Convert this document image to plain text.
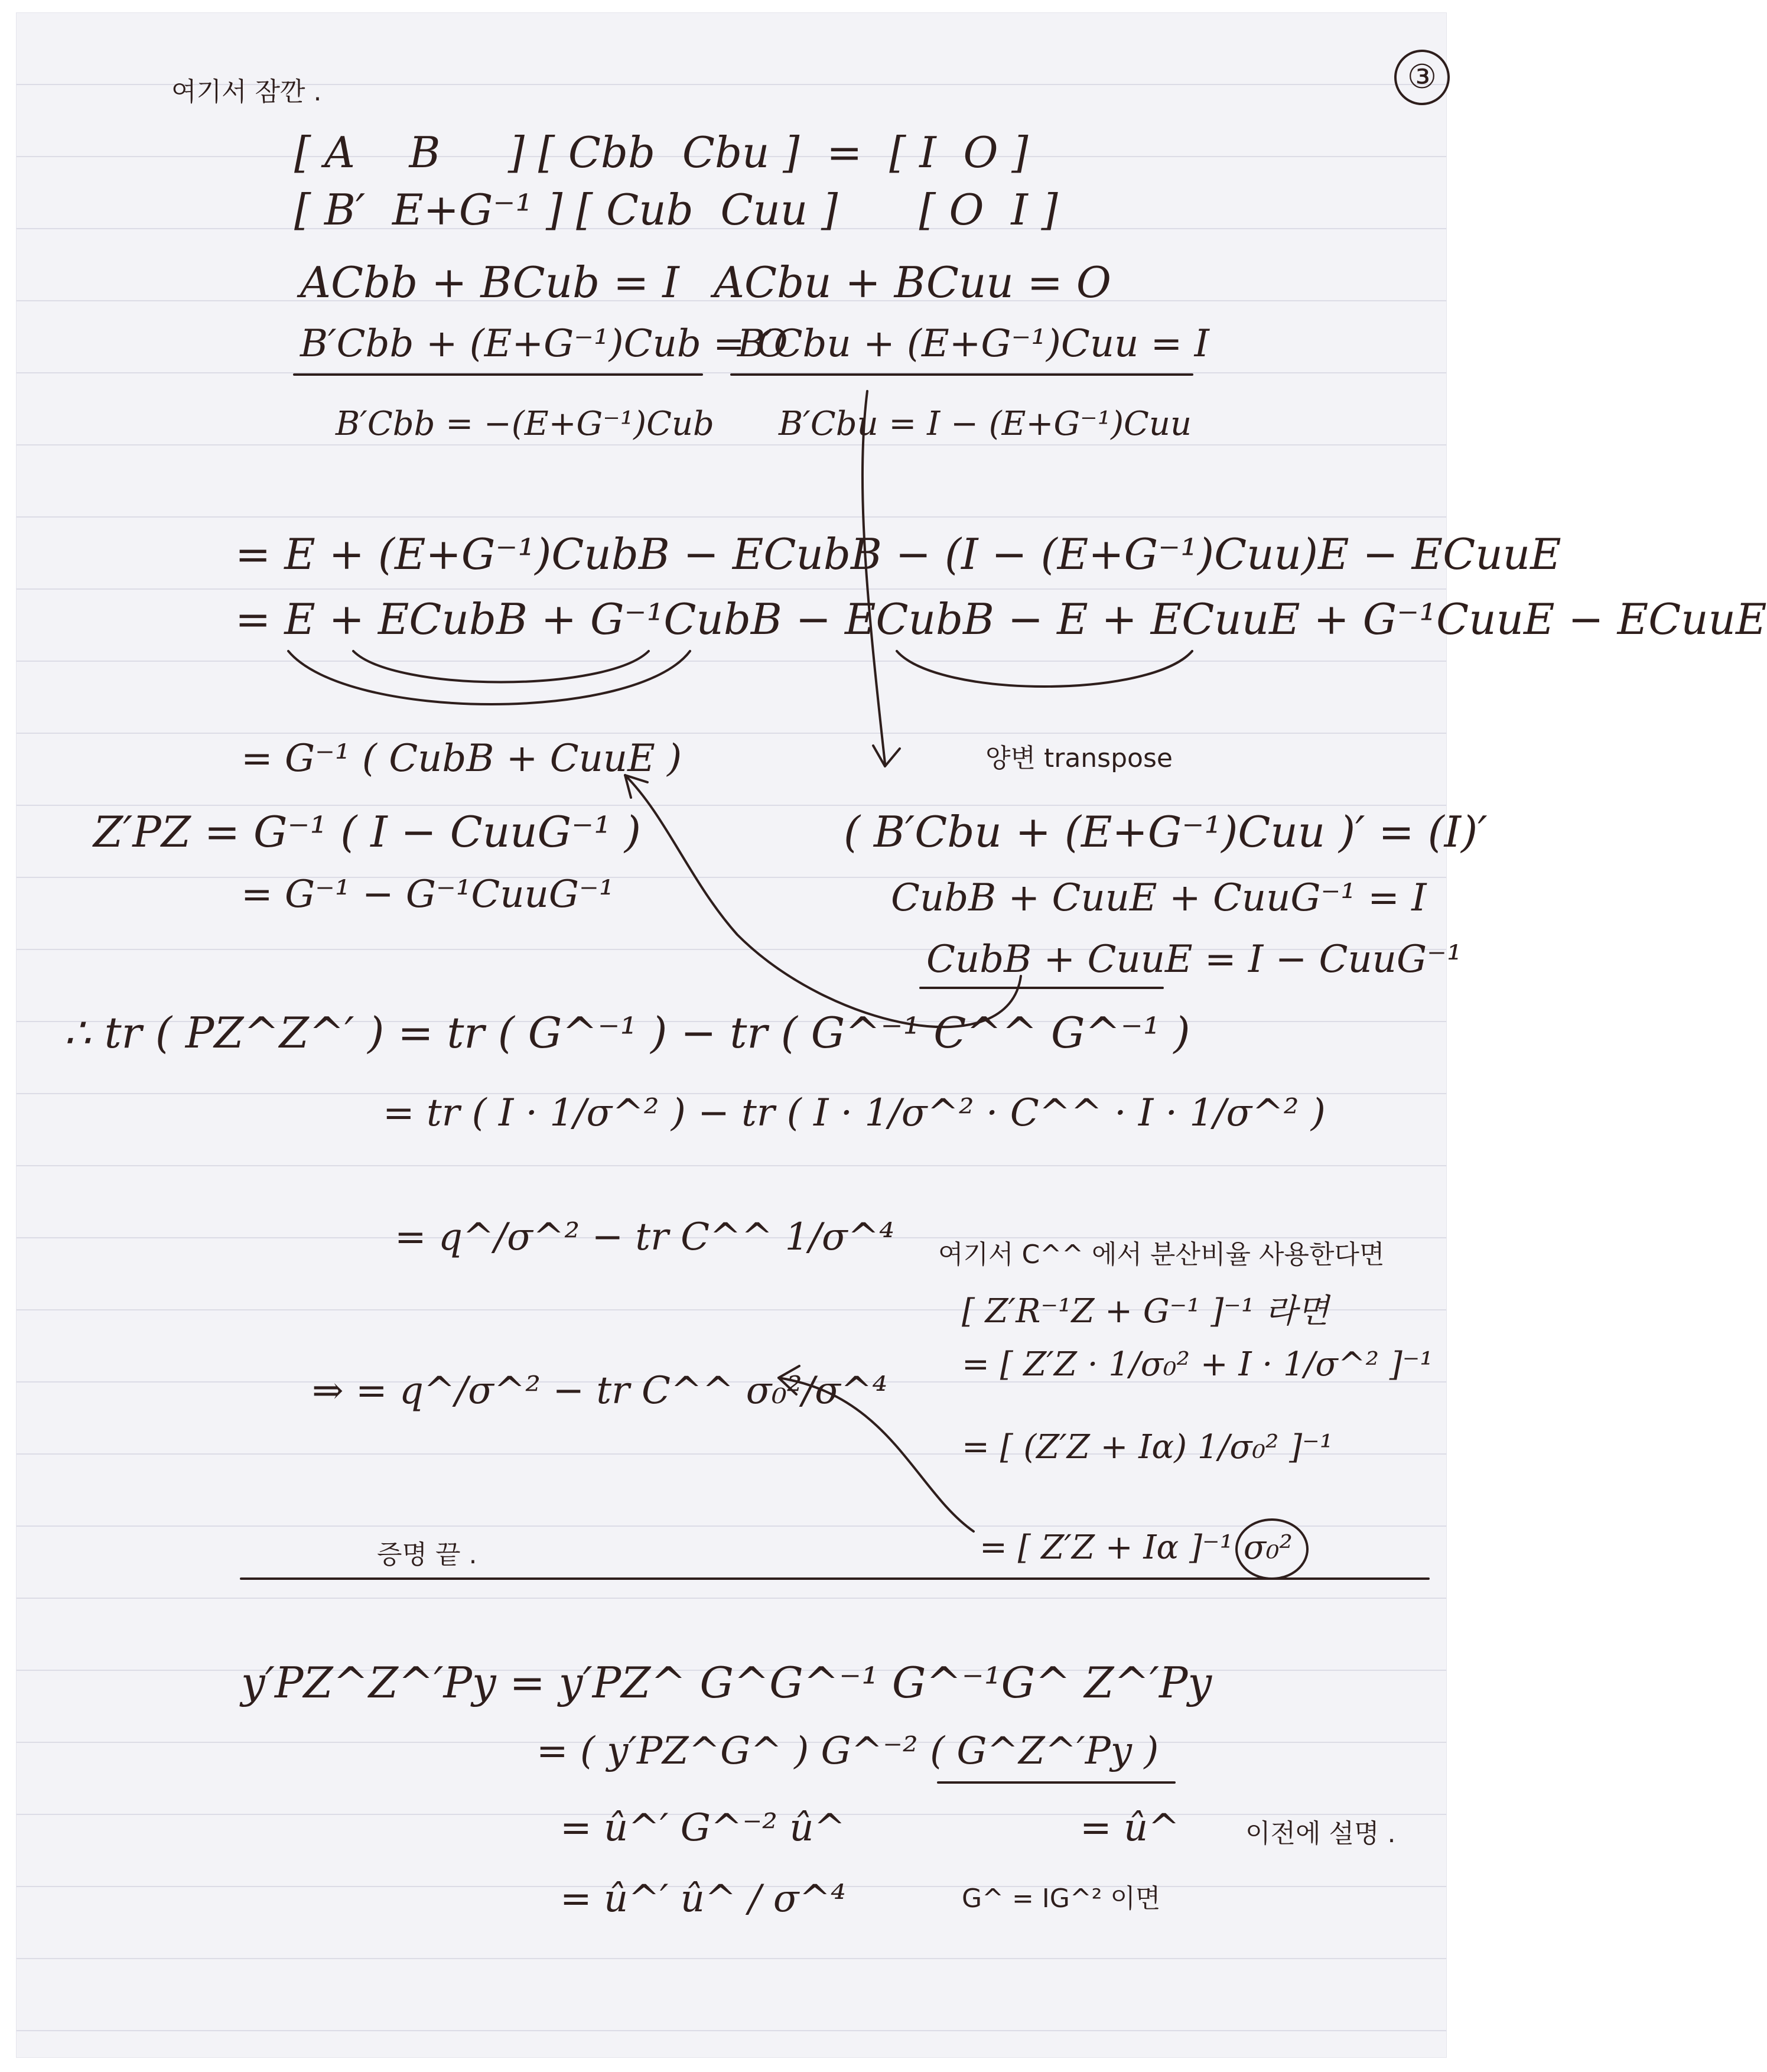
③
여기서 잠깐 .
[ A    B     ] [ Cbb  Cbu ]  =  [ I  O ]
[ B′  E+G⁻¹ ] [ Cub  Cuu ]      [ O  I ]
ACbb + BCub = I ACbu + BCuu = O
B′Cbb + (E+G⁻¹)Cub = O
B′Cbu + (E+G⁻¹)Cuu = I
B′Cbb = −(E+G⁻¹)Cub B′Cbu = I − (E+G⁻¹)Cuu
= E + (E+G⁻¹)CubB − ECubB − (I − (E+G⁻¹)Cuu)E − ECuuE
= E + ECubB + G⁻¹CubB − ECubB − E + ECuuE + G⁻¹CuuE − ECuuE
= G⁻¹ ( CubB + CuuE )
Z′PZ = G⁻¹ ( I − CuuG⁻¹ )
= G⁻¹ − G⁻¹CuuG⁻¹
양변 transpose
( B′Cbu + (E+G⁻¹)Cuu )′ = (I)′
CubB + CuuE + CuuG⁻¹ = I
CubB + CuuE = I − CuuG⁻¹
∴ tr ( PZ^Z^′ ) = tr ( G^⁻¹ ) − tr ( G^⁻¹ C^^ G^⁻¹ )
= tr ( I · 1/σ^² ) − tr ( I · 1/σ^² · C^^ · I · 1/σ^² )
= q^/σ^² − tr C^^ 1/σ^⁴
⇒ = q^/σ^² − tr C^^ σ₀²/σ^⁴
여기서 C^^ 에서 분산비율 사용한다면
[ Z′R⁻¹Z + G⁻¹ ]⁻¹ 라면
= [ Z′Z · 1/σ₀² + I · 1/σ^² ]⁻¹
= [ (Z′Z + Iα) 1/σ₀² ]⁻¹
= [ Z′Z + Iα ]⁻¹ σ₀²
증명 끝 .
y′PZ^Z^′Py = y′PZ^ G^G^⁻¹ G^⁻¹G^ Z^′Py
= ( y′PZ^G^ ) G^⁻² ( G^Z^′Py )
= û^′ G^⁻² û^	= û^	이전에 설명 .
= û^′ û^ / σ^⁴	G^ = IG^² 이면
